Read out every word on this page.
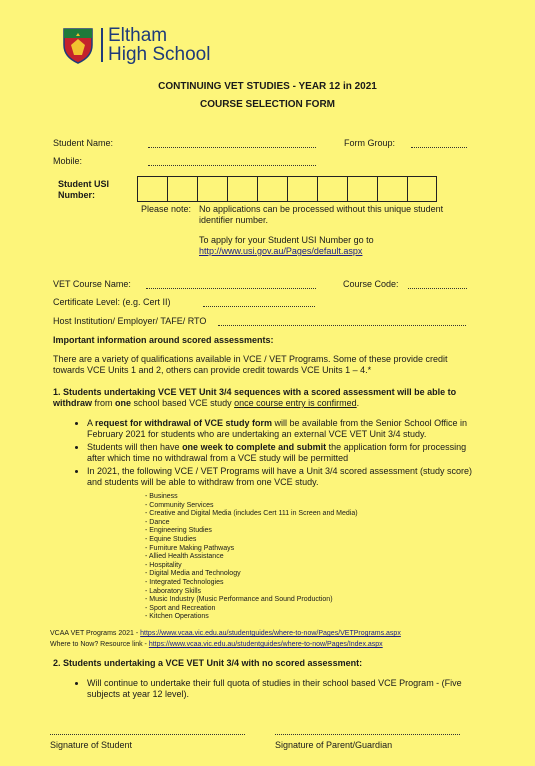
Eltham
High School
CONTINUING VET STUDIES - YEAR 12 in 2021
COURSE SELECTION FORM
Student Name:	Form Group:
Mobile:
Student USI
Number:
Please note: No applications can be processed without this unique student identifier number.
To apply for your Student USI Number go to
http://www.usi.gov.au/Pages/default.aspx
VET Course Name:	Course Code:
Certificate Level: (e.g. Cert II)
Host Institution/ Employer/ TAFE/ RTO
Important information around scored assessments:
There are a variety of qualifications available in VCE / VET Programs. Some of these provide credit towards VCE Units 1 and 2, others can provide credit towards VCE Units 1 – 4.*
1. Students undertaking VCE VET Unit 3/4 sequences with a scored assessment will be able to withdraw from one school based VCE study once course entry is confirmed.
• A request for withdrawal of VCE study form will be available from the Senior School Office in February 2021 for students who are undertaking an external VCE VET Unit 3/4 study.
• Students will then have one week to complete and submit the application form for processing after which time no withdrawal from a VCE study will be permitted
• In 2021, the following VCE / VET Programs will have a Unit 3/4 scored assessment (study score) and students will be able to withdraw from one VCE study.
- Business
- Community Services
- Creative and Digital Media (includes Cert 111 in Screen and Media)
- Dance
- Engineering Studies
- Equine Studies
- Furniture Making Pathways
- Allied Health Assistance
- Hospitality
- Digital Media and Technology
- Integrated Technologies
- Laboratory Skills
- Music Industry (Music Performance and Sound Production)
- Sport and Recreation
- Kitchen Operations
VCAA VET Programs 2021 - https://www.vcaa.vic.edu.au/studentguides/where-to-now/Pages/VETPrograms.aspx
Where to Now? Resource link - https://www.vcaa.vic.edu.au/studentguides/where-to-now/Pages/Index.aspx
2. Students undertaking a VCE VET Unit 3/4 with no scored assessment:
• Will continue to undertake their full quota of studies in their school based VCE Program - (Five subjects at year 12 level).
Signature of Student	Signature of Parent/Guardian
